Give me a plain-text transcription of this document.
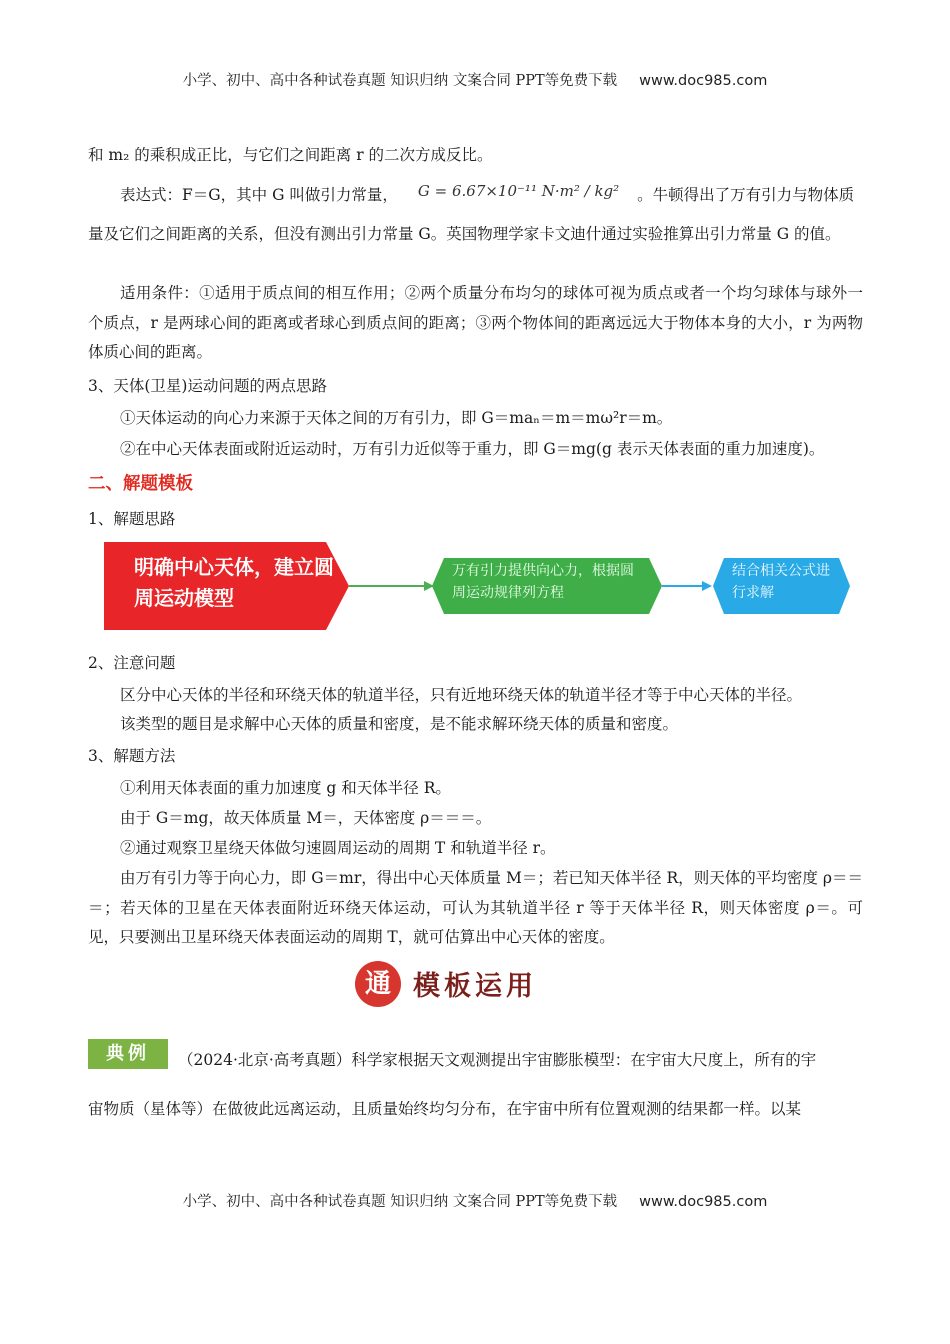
小学、初中、高中各种试卷真题 知识归纳 文案合同 PPT等免费下载 www.doc985.com
和 m₂ 的乘积成正比，与它们之间距离 r 的二次方成反比。
表达式：F＝G，其中 G 叫做引力常量， G = 6.67×10⁻¹¹ N·m² / kg² 。牛顿得出了万有引力与物体质
量及它们之间距离的关系，但没有测出引力常量 G。英国物理学家卡文迪什通过实验推算出引力常量 G 的值。
适用条件：①适用于质点间的相互作用；②两个质量分布均匀的球体可视为质点或者一个均匀球体与球外一个质点，r 是两球心间的距离或者球心到质点间的距离；③两个物体间的距离远远大于物体本身的大小，r 为两物体质心间的距离。
3、天体(卫星)运动问题的两点思路
①天体运动的向心力来源于天体之间的万有引力，即 G＝maₙ＝m＝mω²r＝m。
②在中心天体表面或附近运动时，万有引力近似等于重力，即 G＝mg(g 表示天体表面的重力加速度)。
二、解题模板
1、解题思路
明确中心天体，建立圆周运动模型
万有引力提供向心力，根据圆周运动规律列方程
结合相关公式进行求解
2、注意问题
区分中心天体的半径和环绕天体的轨道半径，只有近地环绕天体的轨道半径才等于中心天体的半径。
该类型的题目是求解中心天体的质量和密度，是不能求解环绕天体的质量和密度。
3、解题方法
①利用天体表面的重力加速度 g 和天体半径 R。
由于 G＝mg，故天体质量 M＝，天体密度 ρ＝＝＝。
②通过观察卫星绕天体做匀速圆周运动的周期 T 和轨道半径 r。
由万有引力等于向心力，即 G＝mr，得出中心天体质量 M＝；若已知天体半径 R，则天体的平均密度 ρ＝＝＝；若天体的卫星在天体表面附近环绕天体运动，可认为其轨道半径 r 等于天体半径 R，则天体密度 ρ＝。可见，只要测出卫星环绕天体表面运动的周期 T，就可估算出中心天体的密度。
通 模板运用
典例	（2024·北京·高考真题）科学家根据天文观测提出宇宙膨胀模型：在宇宙大尺度上，所有的宇
宙物质（星体等）在做彼此远离运动，且质量始终均匀分布，在宇宙中所有位置观测的结果都一样。以某
小学、初中、高中各种试卷真题 知识归纳 文案合同 PPT等免费下载 www.doc985.com
